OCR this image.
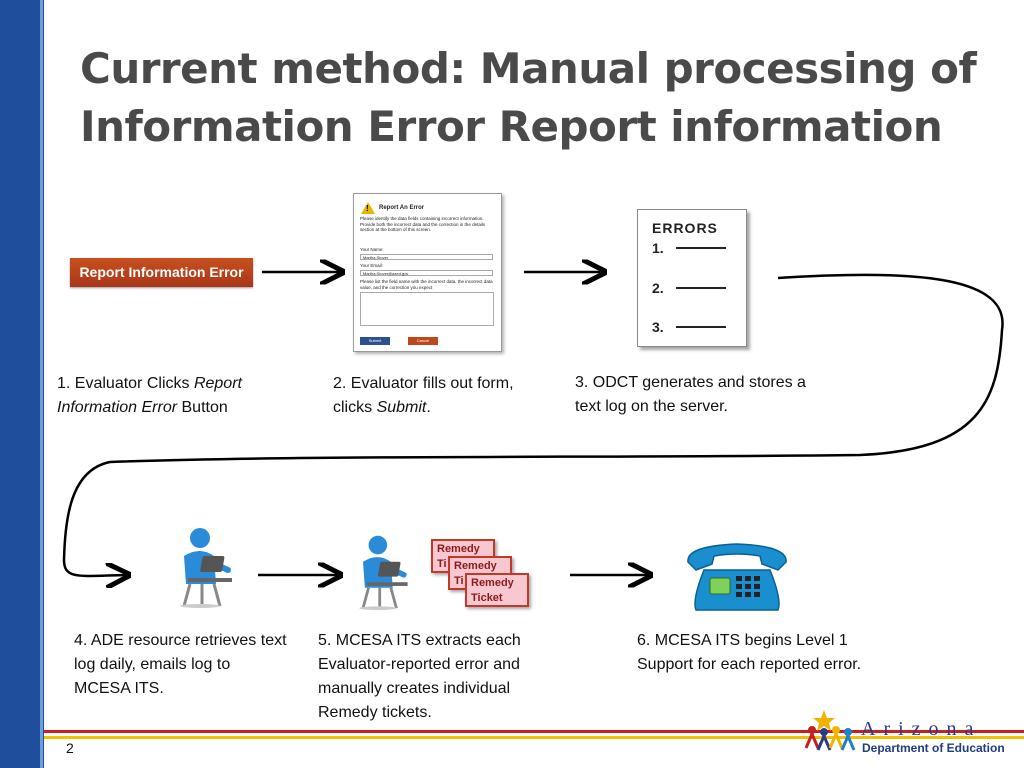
Current method: Manual processing of
Information Error Report information
Report Information Error
! Report An Error
Please identify the data fields containing incorrect information. Provide both the incorrect data and the correction in the details section at the bottom of this screen.
Your Name:
Martha Stover
Your Email:
Martha.Stover@azed.gov
Please list the field name with the incorrect data, the incorrect data value, and the correction you expect
Submit	Cancel
ERRORS
1.
2.
3.
1. Evaluator Clicks Report Information Error Button
2. Evaluator fills out form, clicks Submit.
3. ODCT generates and stores a text log on the server.
4. ADE resource retrieves text log daily, emails log to MCESA ITS.
5. MCESA ITS extracts each Evaluator-reported error and manually creates individual Remedy tickets.
6. MCESA ITS begins Level 1 Support for each reported error.
Remedy
Ti Remedy
Ti Remedy
Ticket
2
Arizona
Department of Education
